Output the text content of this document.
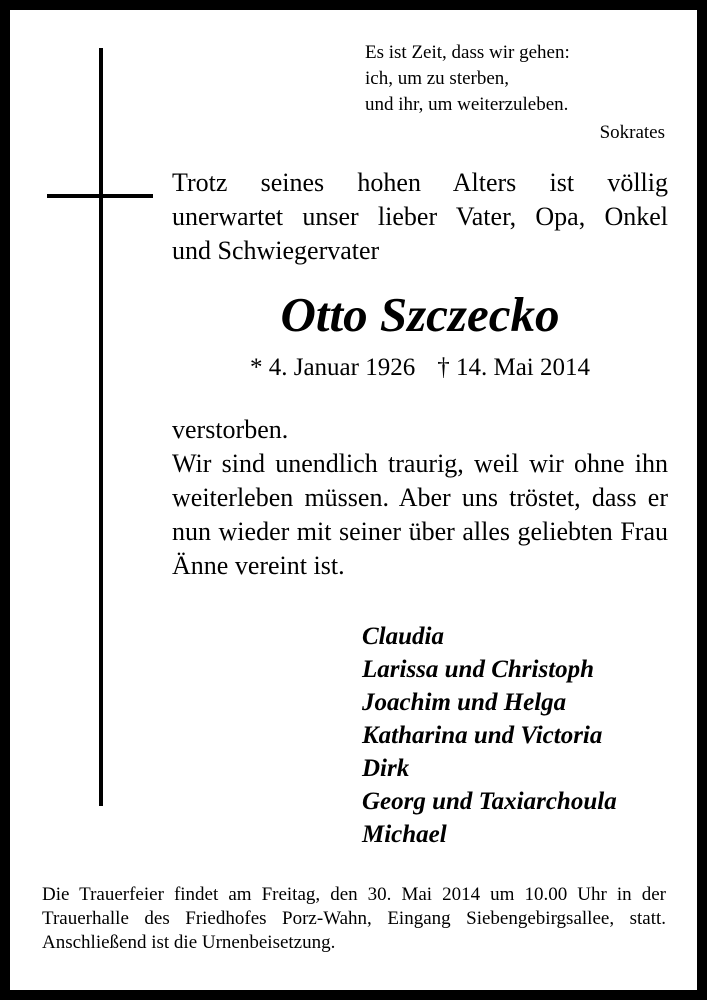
Es ist Zeit, dass wir gehen:
ich, um zu sterben,
und ihr, um weiterzuleben.
Sokrates
Trotz seines hohen Alters ist völlig
unerwartet unser lieber Vater, Opa, Onkel
und Schwiegervater
Otto Szczecko
* 4. Januar 1926 † 14. Mai 2014

verstorben.

Wir sind unendlich traurig, weil wir ohne ihn weiterleben müssen. Aber uns tröstet, dass er nun wieder mit seiner über alles geliebten Frau Änne vereint ist.

Claudia
Larissa und Christoph
Joachim und Helga
Katharina und Victoria
Dirk
Georg und Taxiarchoula
Michael
Die Trauerfeier findet am Freitag, den 30. Mai 2014 um 10.00 Uhr in der Trauerhalle des Friedhofes Porz-Wahn, Eingang Siebengebirgsallee, statt. Anschließend ist die Urnenbeisetzung.
